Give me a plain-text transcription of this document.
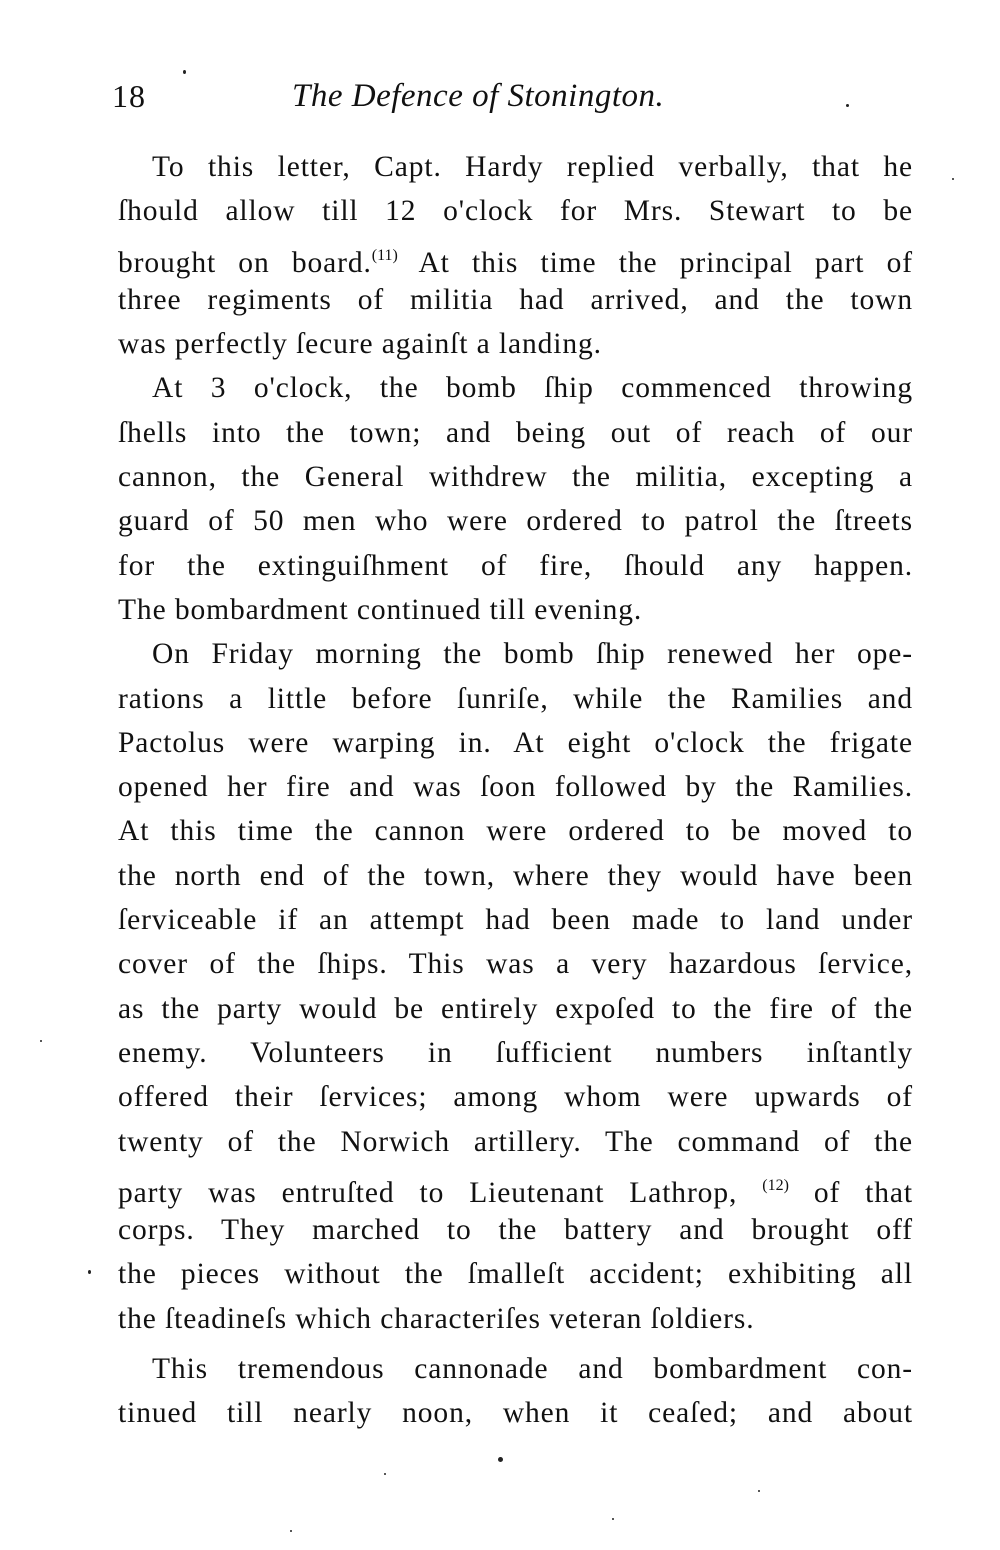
18	The Defence of Stonington.
To this letter, Capt. Hardy replied verbally, that he
ſhould allow till 12 o'clock for Mrs. Stewart to be
brought on board.$^{(11)}$ At this time the principal part of
three regiments of militia had arrived, and the town
was perfectly ſecure againſt a landing.
At 3 o'clock, the bomb ſhip commenced throwing
ſhells into the town; and being out of reach of our
cannon, the General withdrew the militia, excepting a
guard of 50 men who were ordered to patrol the ſtreets
for the extinguiſhment of fire, ſhould any happen.
The bombardment continued till evening.
On Friday morning the bomb ſhip renewed her ope-
rations a little before ſunriſe, while the Ramilies and
Pactolus were warping in. At eight o'clock the frigate
opened her fire and was ſoon followed by the Ramilies.
At this time the cannon were ordered to be moved to
the north end of the town, where they would have been
ſerviceable if an attempt had been made to land under
cover of the ſhips. This was a very hazardous ſervice,
as the party would be entirely expoſed to the fire of the
enemy. Volunteers in ſufficient numbers inſtantly
offered their ſervices; among whom were upwards of
twenty of the Norwich artillery. The command of the
party was entruſted to Lieutenant Lathrop, $^{(12)}$ of that
corps. They marched to the battery and brought off
the pieces without the ſmalleſt accident; exhibiting all
the ſteadineſs which characteriſes veteran ſoldiers.
This tremendous cannonade and bombardment con-
tinued till nearly noon, when it ceaſed; and about
